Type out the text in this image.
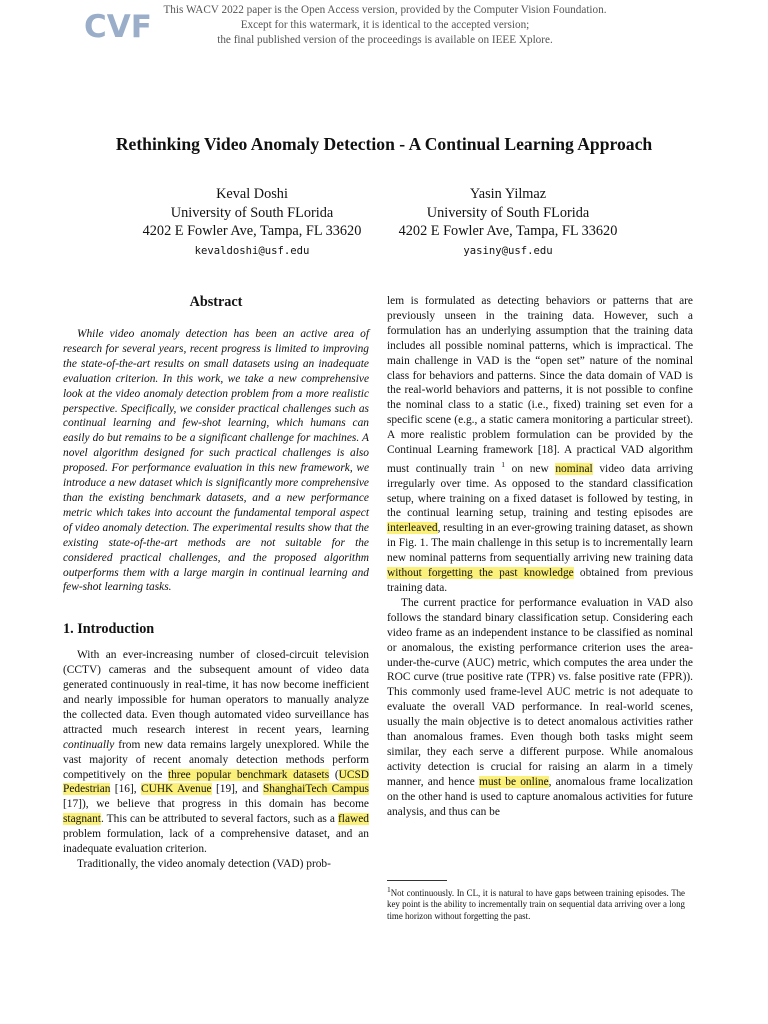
CVF	This WACV 2022 paper is the Open Access version, provided by the Computer Vision Foundation.
Except for this watermark, it is identical to the accepted version;
the final published version of the proceedings is available on IEEE Xplore.
Rethinking Video Anomaly Detection - A Continual Learning Approach
Keval Doshi
University of South FLorida
4202 E Fowler Ave, Tampa, FL 33620
kevaldoshi@usf.edu
Yasin Yilmaz
University of South FLorida
4202 E Fowler Ave, Tampa, FL 33620
yasiny@usf.edu
Abstract

While video anomaly detection has been an active area of research for several years, recent progress is limited to improving the state-of-the-art results on small datasets using an inadequate evaluation criterion. In this work, we take a new comprehensive look at the video anomaly detection problem from a more realistic perspective. Specifically, we consider practical challenges such as continual learning and few-shot learning, which humans can easily do but remains to be a significant challenge for machines. A novel algorithm designed for such practical challenges is also proposed. For performance evaluation in this new framework, we introduce a new dataset which is significantly more comprehensive than the existing benchmark datasets, and a new performance metric which takes into account the fundamental temporal aspect of video anomaly detection. The experimental results show that the existing state-of-the-art methods are not suitable for the considered practical challenges, and the proposed algorithm outperforms them with a large margin in continual learning and few-shot learning tasks.

1. Introduction

With an ever-increasing number of closed-circuit television (CCTV) cameras and the subsequent amount of video data generated continuously in real-time, it has now become inefficient and nearly impossible for human operators to manually analyze the collected data. Even though automated video surveillance has attracted much research interest in recent years, learning continually from new data remains largely unexplored. While the vast majority of recent anomaly detection methods perform competitively on the three popular benchmark datasets (UCSD Pedestrian [16], CUHK Avenue [19], and ShanghaiTech Campus [17]), we believe that progress in this domain has become stagnant. This can be attributed to several factors, such as a flawed problem formulation, lack of a comprehensive dataset, and an inadequate evaluation criterion.

Traditionally, the video anomaly detection (VAD) prob-

lem is formulated as detecting behaviors or patterns that are previously unseen in the training data. However, such a formulation has an underlying assumption that the training data includes all possible nominal patterns, which is impractical. The main challenge in VAD is the “open set” nature of the nominal class for behaviors and patterns. Since the data domain of VAD is the real-world behaviors and patterns, it is not possible to confine the nominal class to a static (i.e., fixed) training set even for a specific scene (e.g., a static camera monitoring a particular street). A more realistic problem formulation can be provided by the Continual Learning framework [18]. A practical VAD algorithm must continually train $^1$ on new nominal video data arriving irregularly over time. As opposed to the standard classification setup, where training on a fixed dataset is followed by testing, in the continual learning setup, training and testing episodes are interleaved, resulting in an ever-growing training dataset, as shown in Fig. 1. The main challenge in this setup is to incrementally learn new nominal patterns from sequentially arriving new training data without forgetting the past knowledge obtained from previous training data.

The current practice for performance evaluation in VAD also follows the standard binary classification setup. Considering each video frame as an independent instance to be classified as nominal or anomalous, the existing performance criterion uses the area-under-the-curve (AUC) metric, which computes the area under the ROC curve (true positive rate (TPR) vs. false positive rate (FPR)). This commonly used frame-level AUC metric is not adequate to evaluate the overall VAD performance. In real-world scenes, usually the main objective is to detect anomalous activities rather than anomalous frames. Even though both tasks might seem similar, they each serve a different purpose. While anomalous activity detection is crucial for raising an alarm in a timely manner, and hence must be online, anomalous frame localization on the other hand is used to capture anomalous activities for future analysis, and thus can be

$^1$Not continuously. In CL, it is natural to have gaps between training episodes. The key point is the ability to incrementally train on sequential data arriving over a long time horizon without forgetting the past.
